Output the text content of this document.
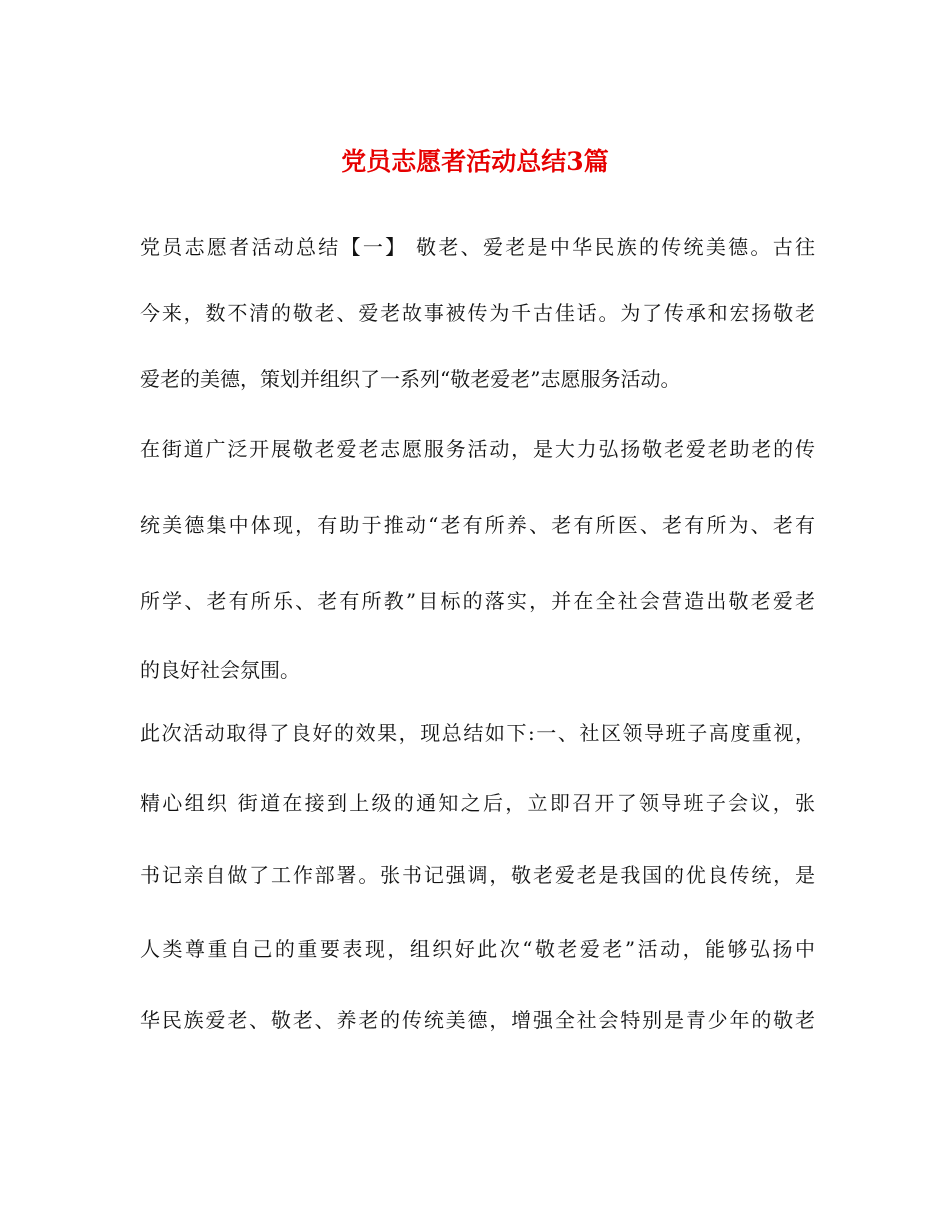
党员志愿者活动总结3篇
党员志愿者活动总结【一】 敬老、爱老是中华民族的传统美德。古往
今来，数不清的敬老、爱老故事被传为千古佳话。为了传承和宏扬敬老
爱老的美德，策划并组织了一系列“敬老爱老”志愿服务活动。
在街道广泛开展敬老爱老志愿服务活动，是大力弘扬敬老爱老助老的传
统美德集中体现，有助于推动“老有所养、老有所医、老有所为、老有
所学、老有所乐、老有所教”目标的落实，并在全社会营造出敬老爱老
的良好社会氛围。
此次活动取得了良好的效果，现总结如下:一、社区领导班子高度重视，
精心组织 街道在接到上级的通知之后，立即召开了领导班子会议，张
书记亲自做了工作部署。张书记强调，敬老爱老是我国的优良传统，是
人类尊重自己的重要表现，组织好此次“敬老爱老”活动，能够弘扬中
华民族爱老、敬老、养老的传统美德，增强全社会特别是青少年的敬老
